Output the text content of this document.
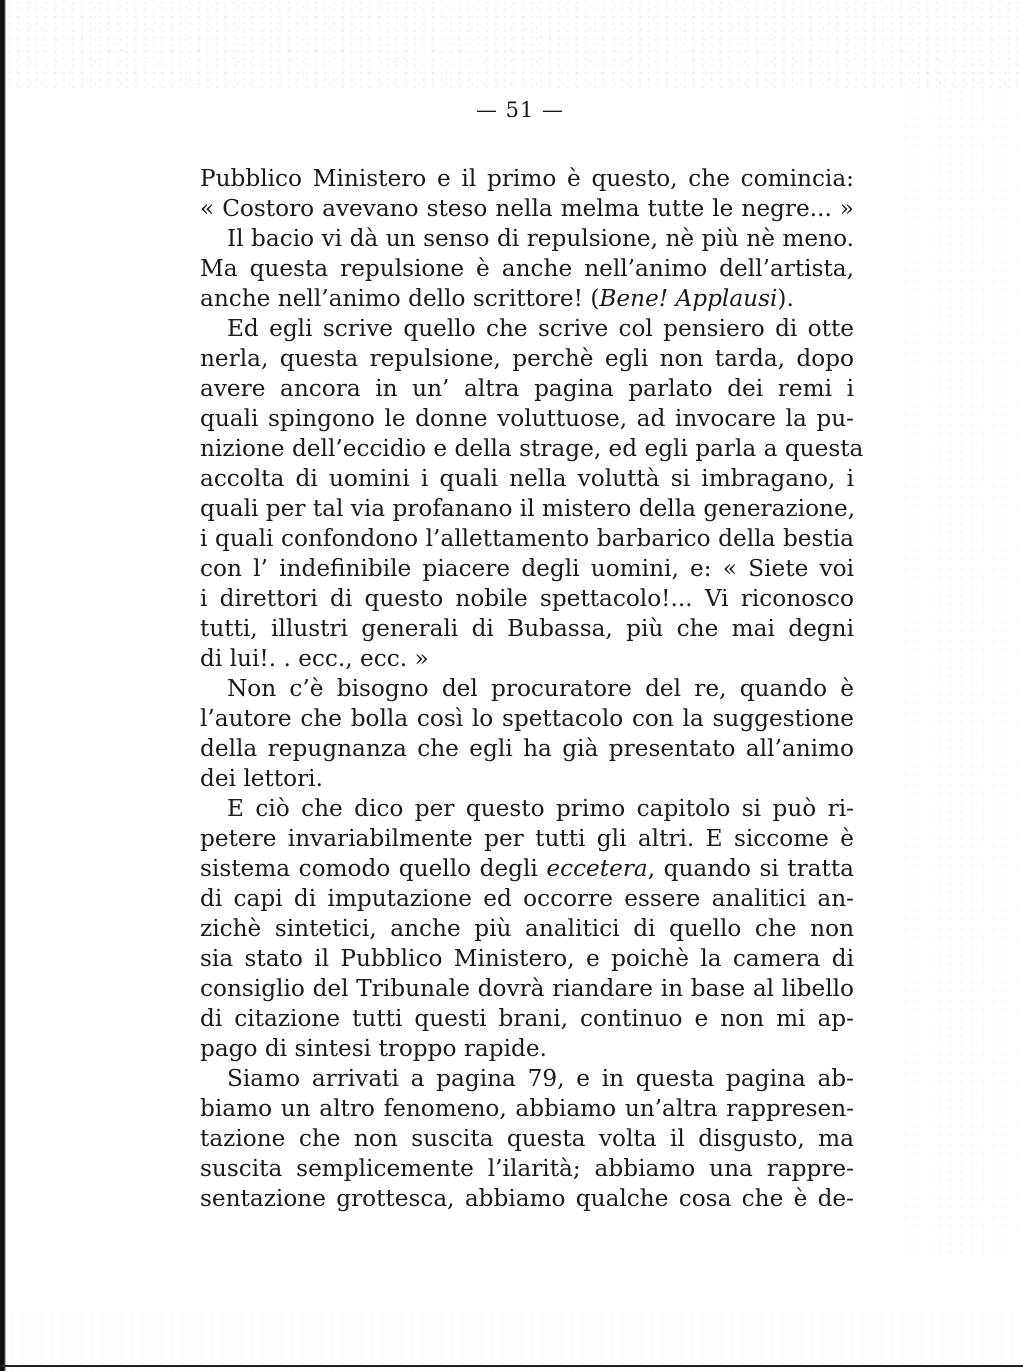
— 51 —
Pubblico Ministero e il primo è questo, che comincia:
« Costoro avevano steso nella melma tutte le negre... »
Il bacio vi dà un senso di repulsione, nè più nè meno.
Ma questa repulsione è anche nell’animo dell’artista,
anche nell’animo dello scrittore! (Bene! Applausi).
Ed egli scrive quello che scrive col pensiero di otte
nerla, questa repulsione, perchè egli non tarda, dopo
avere ancora in un’ altra pagina parlato dei remi i
quali spingono le donne voluttuose, ad invocare la pu-
nizione dell’eccidio e della strage, ed egli parla a questa
accolta di uomini i quali nella voluttà si imbragano, i
quali per tal via profanano il mistero della generazione,
i quali confondono l’allettamento barbarico della bestia
con l’ indefinibile piacere degli uomini, e: « Siete voi
i direttori di questo nobile spettacolo!... Vi riconosco
tutti, illustri generali di Bubassa, più che mai degni
di lui!. . ecc., ecc. »
Non c’è bisogno del procuratore del re, quando è
l’autore che bolla così lo spettacolo con la suggestione
della repugnanza che egli ha già presentato all’animo
dei lettori.
E ciò che dico per questo primo capitolo si può ri-
petere invariabilmente per tutti gli altri. E siccome è
sistema comodo quello degli eccetera, quando si tratta
di capi di imputazione ed occorre essere analitici an-
zichè sintetici, anche più analitici di quello che non
sia stato il Pubblico Ministero, e poichè la camera di
consiglio del Tribunale dovrà riandare in base al libello
di citazione tutti questi brani, continuo e non mi ap-
pago di sintesi troppo rapide.
Siamo arrivati a pagina 79, e in questa pagina ab-
biamo un altro fenomeno, abbiamo un’altra rappresen-
tazione che non suscita questa volta il disgusto, ma
suscita semplicemente l’ilarità; abbiamo una rappre-
sentazione grottesca, abbiamo qualche cosa che è de-
